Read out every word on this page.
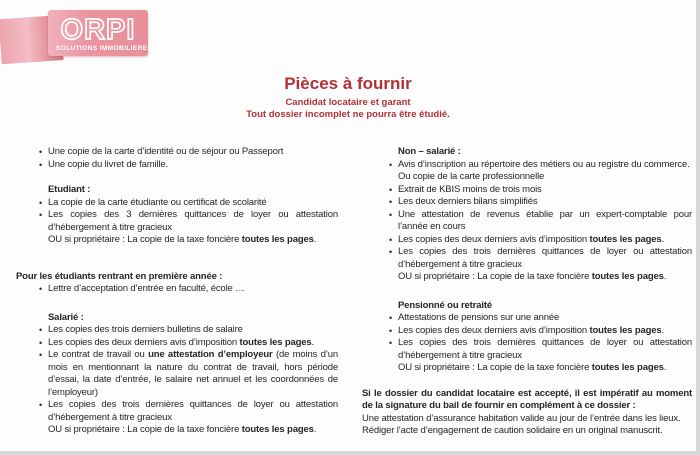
ORPI
SOLUTIONS IMMOBILIERES
Pièces à fournir
Candidat locataire et garant
Tout dossier incomplet ne pourra être étudié.
• Une copie de la carte d’identité ou de séjour ou Passeport
• Une copie du livret de famille.
Etudiant :
• La copie de la carte étudiante ou certificat de scolarité
• Les copies des 3 dernières quittances de loyer ou attestation d’hébergement à titre gracieux
OU si propriétaire : La copie de la taxe foncière toutes les pages.
Pour les étudiants rentrant en première année :
• Lettre d’acceptation d’entrée en faculté, école …
Salarié :
• Les copies des trois derniers bulletins de salaire
• Les copies des deux derniers avis d’imposition toutes les pages.
• Le contrat de travail ou une attestation d’employeur (de moins d’un mois en mentionnant la nature du contrat de travail, hors période d’essai, la date d’entrée, le salaire net annuel et les coordonnées de l’employeur)
• Les copies des trois dernières quittances de loyer ou attestation d’hébergement à titre gracieux
OU si propriétaire : La copie de la taxe foncière toutes les pages.
Non – salarié :
• Avis d’inscription au répertoire des métiers ou au registre du commerce.
Ou copie de la carte professionnelle
• Extrait de KBIS moins de trois mois
• Les deux derniers bilans simplifiés
• Une attestation de revenus établie par un expert-comptable pour l’année en cours
• Les copies des deux derniers avis d’imposition toutes les pages.
• Les copies des trois dernières quittances de loyer ou attestation d’hébergement à titre gracieux
OU si propriétaire : La copie de la taxe foncière toutes les pages.
Pensionné ou retraité
• Attestations de pensions sur une année
• Les copies des deux derniers avis d’imposition toutes les pages.
• Les copies des trois dernières quittances de loyer ou attestation d’hébergement à titre gracieux
OU si propriétaire : La copie de la taxe foncière toutes les pages.
Si le dossier du candidat locataire est accepté, il est impératif au moment de la signature du bail de fournir en complément à ce dossier :
Une attestation d’assurance habitation valide au jour de l’entrée dans les lieux.
Rédiger l’acte d’engagement de caution solidaire en un original manuscrit.
